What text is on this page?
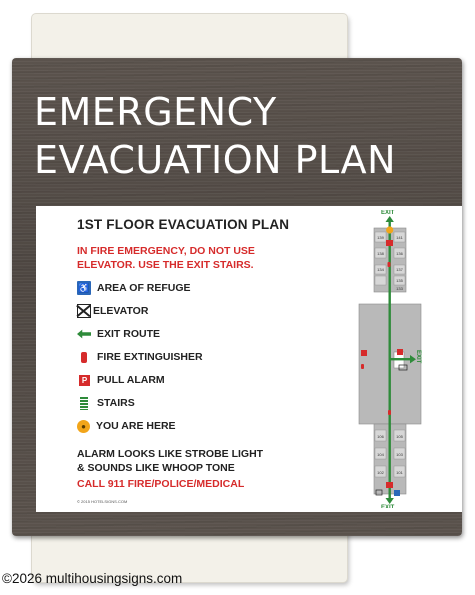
EMERGENCY
EVACUATION PLAN
1ST FLOOR EVACUATION PLAN
IN FIRE EMERGENCY, DO NOT USE ELEVATOR. USE THE EXIT STAIRS.
♿ AREA OF REFUGE
ELEVATOR
EXIT ROUTE
FIRE EXTINGUISHER
P PULL ALARM
STAIRS
● YOU ARE HERE
ALARM LOOKS LIKE STROBE LIGHT
& SOUNDS LIKE WHOOP TONE
CALL 911 FIRE/POLICE/MEDICAL
© 2015 HOTELSIGNS.COM
139	141
138	136
134	137
135
133
106	105
104	103
102	101
EXIT
EXIT
EXIT
©2026 multihousingsigns.com
